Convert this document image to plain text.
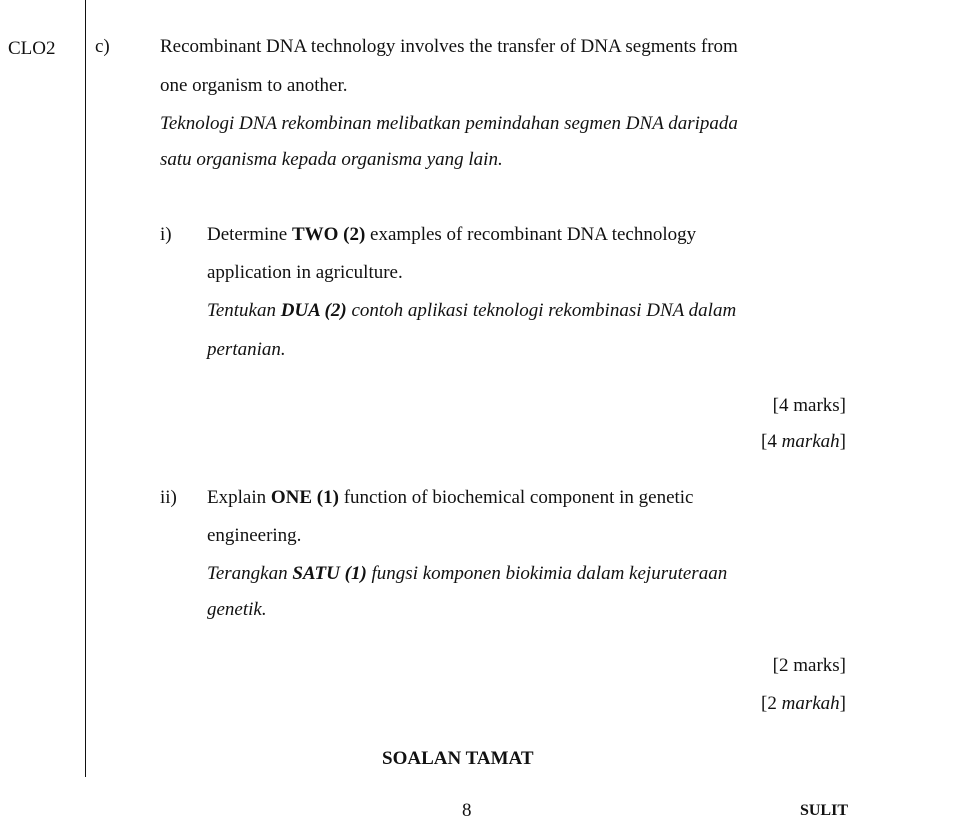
CLO2 c)	Recombinant DNA technology involves the transfer of DNA segments from
one organism to another.
Teknologi DNA rekombinan melibatkan pemindahan segmen DNA daripada
satu organisma kepada organisma yang lain.
i) Determine TWO (2) examples of recombinant DNA technology
application in agriculture.
Tentukan DUA (2) contoh aplikasi teknologi rekombinasi DNA dalam
pertanian.
[4 marks]
[4 markah]
ii) Explain ONE (1) function of biochemical component in genetic
engineering.
Terangkan SATU (1) fungsi komponen biokimia dalam kejuruteraan
genetik.
[2 marks]
[2 markah]
SOALAN TAMAT
8	SULIT
